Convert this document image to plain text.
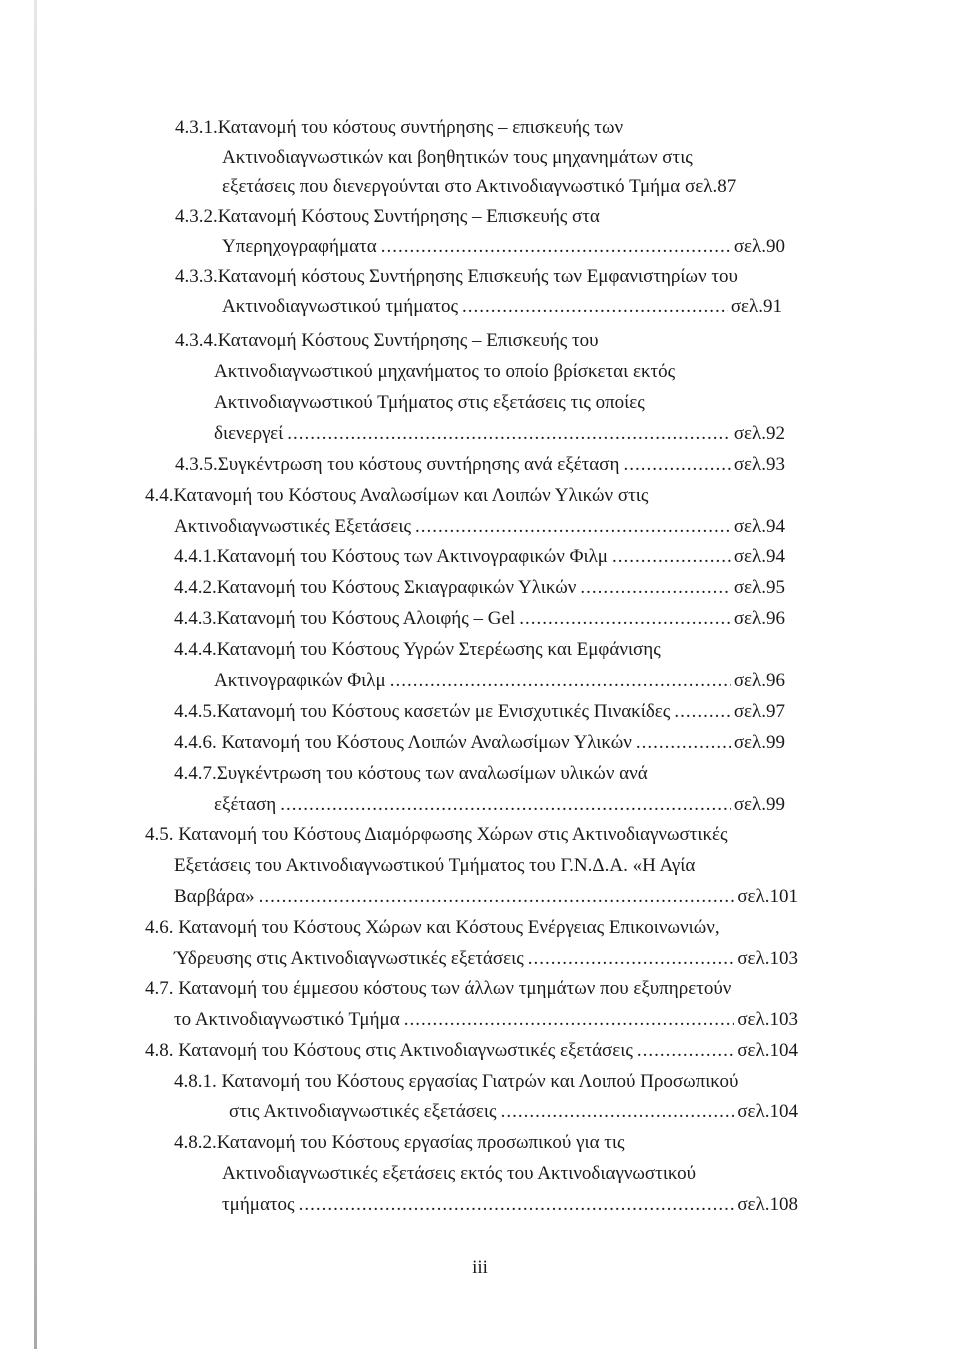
4.3.1.Κατανομή του κόστους συντήρησης – επισκευής των
Ακτινοδιαγνωστικών και βοηθητικών τους μηχανημάτων στις
εξετάσεις που διενεργούνται στο Ακτινοδιαγνωστικό Τμήμα σελ.87
4.3.2.Κατανομή Κόστους Συντήρησης – Επισκευής στα
Υπερηχογραφήματα .....	σελ.90
4.3.3.Κατανομή κόστους Συντήρησης Επισκευής των Εμφανιστηρίων του
Ακτινοδιαγνωστικού τμήματος .....	σελ.91
4.3.4.Κατανομή Κόστους Συντήρησης – Επισκευής του
Ακτινοδιαγνωστικού μηχανήματος το οποίο βρίσκεται εκτός
Ακτινοδιαγνωστικού Τμήματος στις εξετάσεις τις οποίες
διενεργεί .....	σελ.92
4.3.5.Συγκέντρωση του κόστους συντήρησης ανά εξέταση .....	σελ.93
4.4.Κατανομή του Κόστους Αναλωσίμων και Λοιπών Υλικών στις
Ακτινοδιαγνωστικές Εξετάσεις .....	σελ.94
4.4.1.Κατανομή του Κόστους των Ακτινογραφικών Φιλμ .....	σελ.94
4.4.2.Κατανομή του Κόστους Σκιαγραφικών Υλικών .....	σελ.95
4.4.3.Κατανομή του Κόστους Αλοιφής – Gel .....	σελ.96
4.4.4.Κατανομή του Κόστους Υγρών Στερέωσης και Εμφάνισης
Ακτινογραφικών Φιλμ .....	σελ.96
4.4.5.Κατανομή του Κόστους κασετών με Ενισχυτικές Πινακίδες .....	σελ.97
4.4.6. Κατανομή του Κόστους Λοιπών Αναλωσίμων Υλικών .....	σελ.99
4.4.7.Συγκέντρωση του κόστους των αναλωσίμων υλικών ανά
εξέταση .....	σελ.99
4.5. Κατανομή του Κόστους Διαμόρφωσης Χώρων στις Ακτινοδιαγνωστικές
Εξετάσεις του Ακτινοδιαγνωστικού Τμήματος του Γ.Ν.Δ.Α. «Η Αγία
Βαρβάρα» .....	σελ.101
4.6. Κατανομή του Κόστους Χώρων και Κόστους Ενέργειας Επικοινωνιών,
Ύδρευσης στις Ακτινοδιαγνωστικές εξετάσεις .....	σελ.103
4.7. Κατανομή του έμμεσου κόστους των άλλων τμημάτων που εξυπηρετούν
το Ακτινοδιαγνωστικό Τμήμα .....	σελ.103
4.8. Κατανομή του Κόστους στις Ακτινοδιαγνωστικές εξετάσεις .....	σελ.104
4.8.1. Κατανομή του Κόστους εργασίας Γιατρών και Λοιπού Προσωπικού
στις Ακτινοδιαγνωστικές εξετάσεις .....	σελ.104
4.8.2.Κατανομή του Κόστους εργασίας προσωπικού για τις
Ακτινοδιαγνωστικές εξετάσεις εκτός του Ακτινοδιαγνωστικού
τμήματος .....	σελ.108
iii
